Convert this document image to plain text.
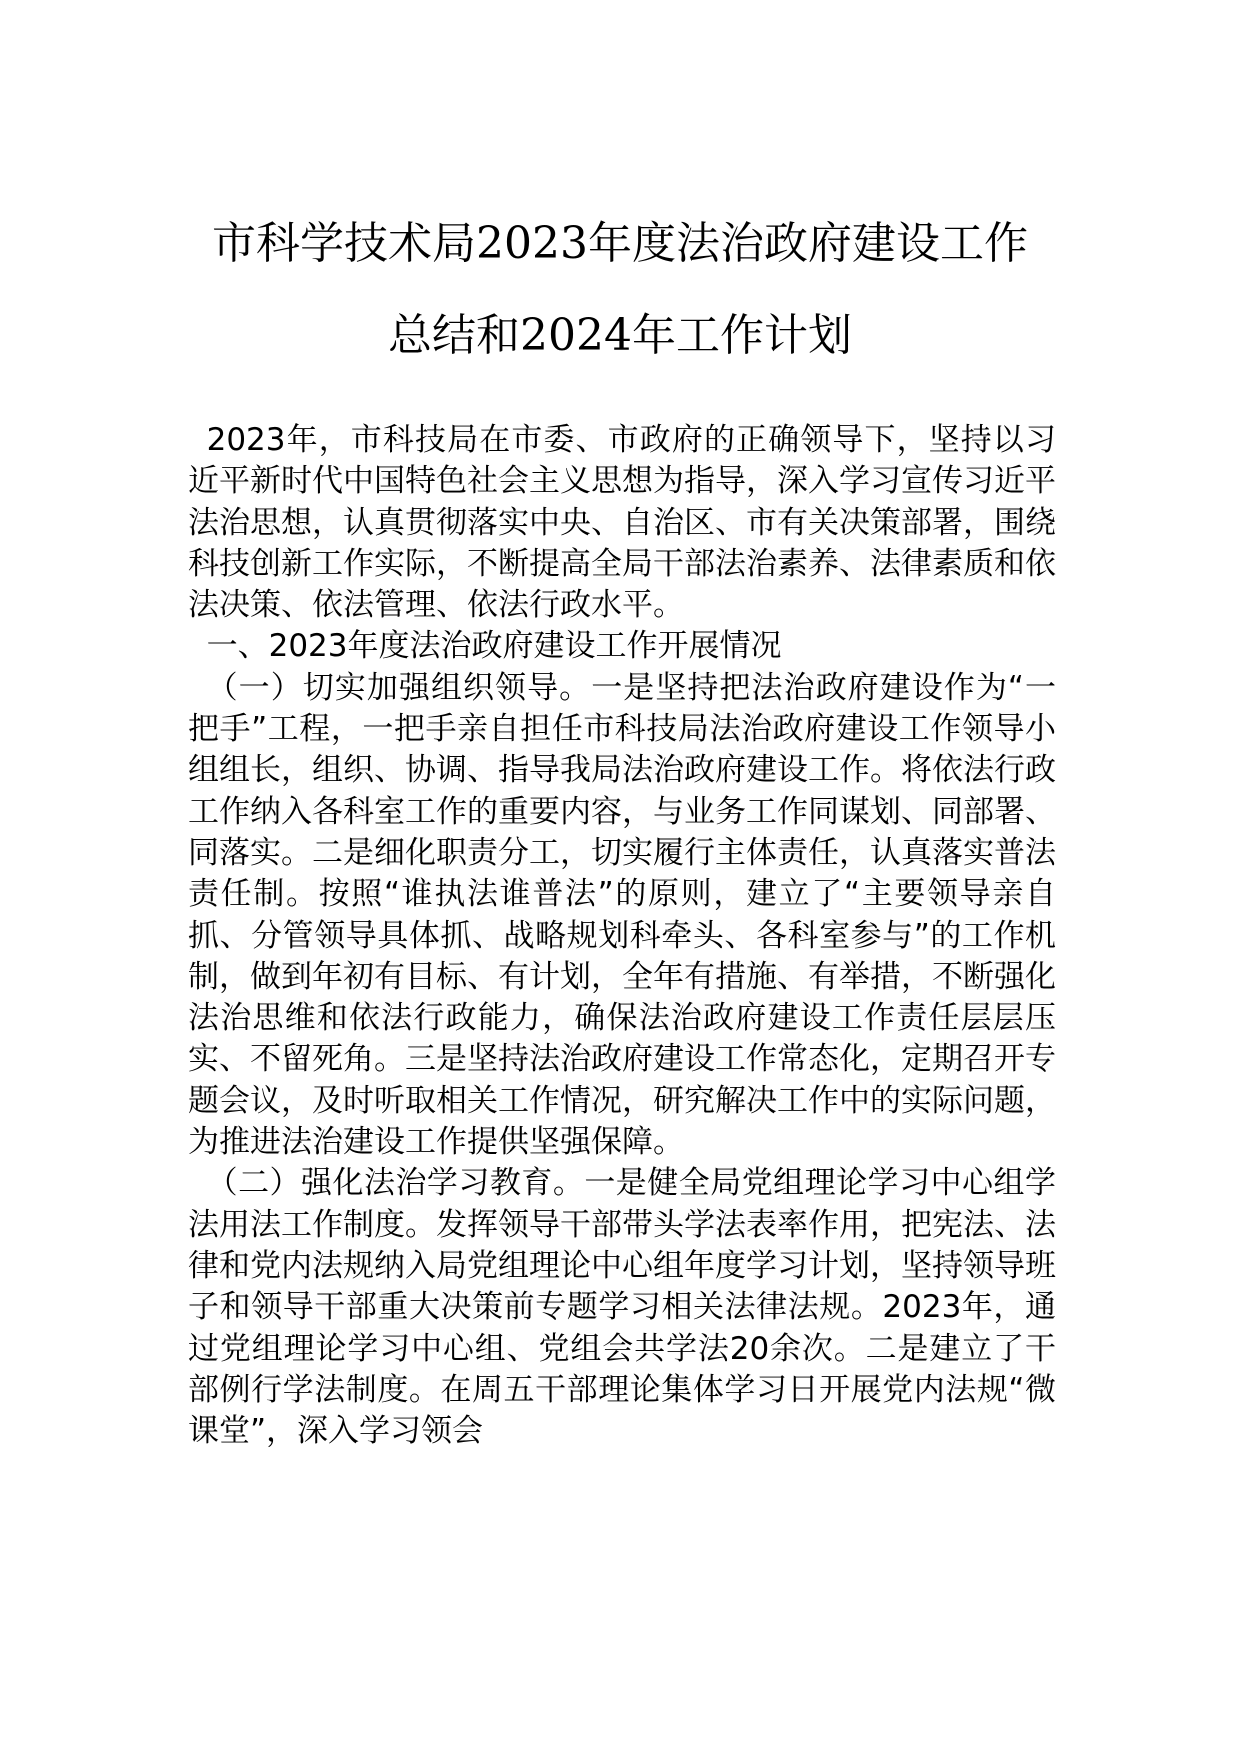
市科学技术局2023年度法治政府建设工作
总结和2024年工作计划

2023年，市科技局在市委、市政府的正确领导下，坚持以习近平新时代中国特色社会主义思想为指导，深入学习宣传习近平法治思想，认真贯彻落实中央、自治区、市有关决策部署，围绕科技创新工作实际，不断提高全局干部法治素养、法律素质和依法决策、依法管理、依法行政水平。

一、2023年度法治政府建设工作开展情况

（一）切实加强组织领导。一是坚持把法治政府建设作为“一把手”工程，一把手亲自担任市科技局法治政府建设工作领导小组组长，组织、协调、指导我局法治政府建设工作。将依法行政工作纳入各科室工作的重要内容，与业务工作同谋划、同部署、同落实。二是细化职责分工，切实履行主体责任，认真落实普法责任制。按照“谁执法谁普法”的原则，建立了“主要领导亲自抓、分管领导具体抓、战略规划科牵头、各科室参与”的工作机制，做到年初有目标、有计划，全年有措施、有举措，不断强化法治思维和依法行政能力，确保法治政府建设工作责任层层压实、不留死角。三是坚持法治政府建设工作常态化，定期召开专题会议，及时听取相关工作情况，研究解决工作中的实际问题，为推进法治建设工作提供坚强保障。

（二）强化法治学习教育。一是健全局党组理论学习中心组学法用法工作制度。发挥领导干部带头学法表率作用，把宪法、法律和党内法规纳入局党组理论中心组年度学习计划，坚持领导班子和领导干部重大决策前专题学习相关法律法规。2023年，通过党组理论学习中心组、党组会共学法20余次。二是建立了干部例行学法制度。在周五干部理论集体学习日开展党内法规“微课堂”，深入学习领会
